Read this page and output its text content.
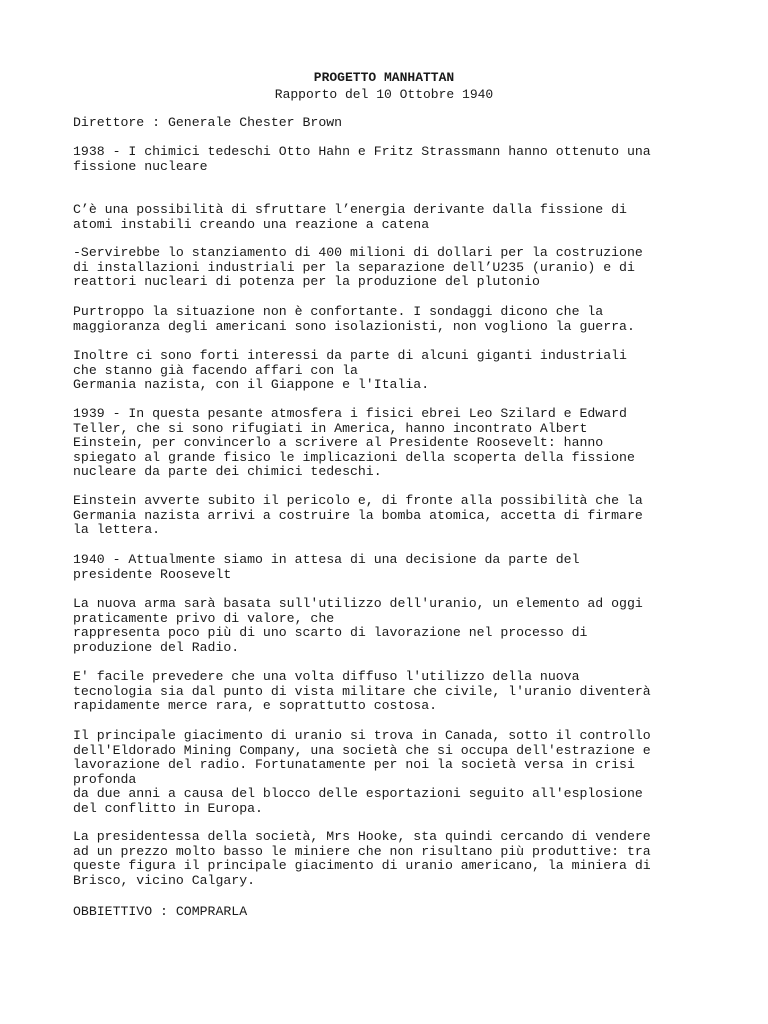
PROGETTO MANHATTAN
Rapporto del 10 Ottobre 1940

Direttore : Generale Chester Brown

1938 - I chimici tedeschi Otto Hahn e Fritz Strassmann hanno ottenuto una
fissione nucleare

C’è una possibilità di sfruttare l’energia derivante dalla fissione di
atomi instabili creando una reazione a catena

-Servirebbe lo stanziamento di 400 milioni di dollari per la costruzione
di installazioni industriali per la separazione dell’U235 (uranio) e di
reattori nucleari di potenza per la produzione del plutonio

Purtroppo la situazione non è confortante. I sondaggi dicono che la
maggioranza degli americani sono isolazionisti, non vogliono la guerra.

Inoltre ci sono forti interessi da parte di alcuni giganti industriali
che stanno già facendo affari con la
Germania nazista, con il Giappone e l'Italia.

1939 - In questa pesante atmosfera i fisici ebrei Leo Szilard e Edward
Teller, che si sono rifugiati in America, hanno incontrato Albert
Einstein, per convincerlo a scrivere al Presidente Roosevelt: hanno
spiegato al grande fisico le implicazioni della scoperta della fissione
nucleare da parte dei chimici tedeschi.

Einstein avverte subito il pericolo e, di fronte alla possibilità che la
Germania nazista arrivi a costruire la bomba atomica, accetta di firmare
la lettera.

1940 - Attualmente siamo in attesa di una decisione da parte del
presidente Roosevelt

La nuova arma sarà basata sull'utilizzo dell'uranio, un elemento ad oggi
praticamente privo di valore, che
rappresenta poco più di uno scarto di lavorazione nel processo di
produzione del Radio.

E' facile prevedere che una volta diffuso l'utilizzo della nuova
tecnologia sia dal punto di vista militare che civile, l'uranio diventerà
rapidamente merce rara, e soprattutto costosa.

Il principale giacimento di uranio si trova in Canada, sotto il controllo
dell'Eldorado Mining Company, una società che si occupa dell'estrazione e
lavorazione del radio. Fortunatamente per noi la società versa in crisi
profonda
da due anni a causa del blocco delle esportazioni seguito all'esplosione
del conflitto in Europa.

La presidentessa della società, Mrs Hooke, sta quindi cercando di vendere
ad un prezzo molto basso le miniere che non risultano più produttive: tra
queste figura il principale giacimento di uranio americano, la miniera di
Brisco, vicino Calgary.

OBBIETTIVO : COMPRARLA
